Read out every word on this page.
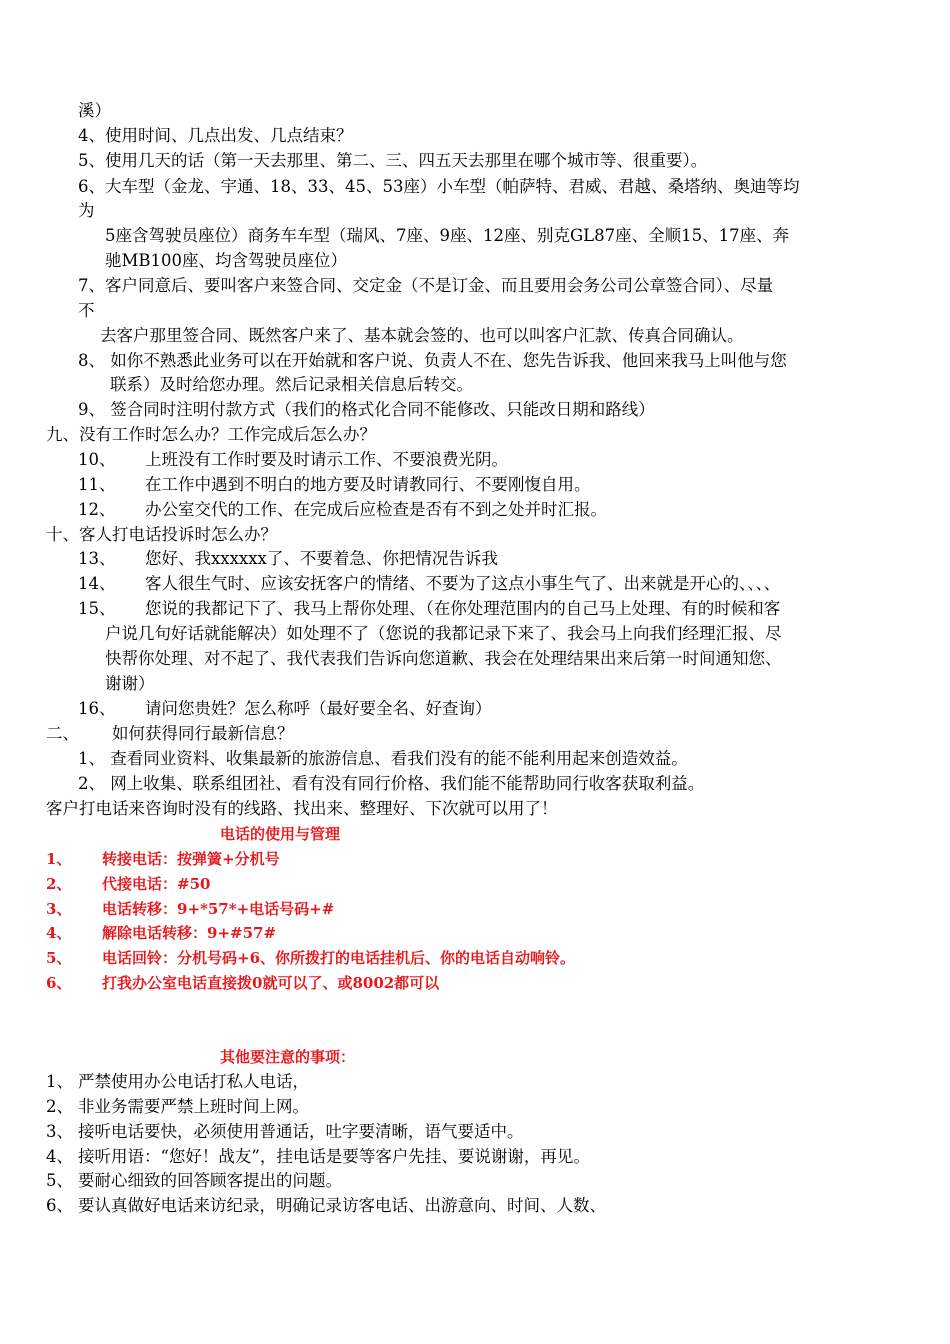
溪）
4、使用时间、几点出发、几点结束？
5、使用几天的话（第一天去那里、第二、三、四五天去那里在哪个城市等、很重要）。
6、大车型（金龙、宇通、18、33、45、53座）小车型（帕萨特、君威、君越、桑塔纳、奥迪等均
为
5座含驾驶员座位）商务车车型（瑞风、7座、9座、12座、别克GL87座、全顺15、17座、奔
驰MB100座、均含驾驶员座位）
7、客户同意后、要叫客户来签合同、交定金（不是订金、而且要用会务公司公章签合同）、尽量
不
去客户那里签合同、既然客户来了、基本就会签的、也可以叫客户汇款、传真合同确认。
8、 如你不熟悉此业务可以在开始就和客户说、负责人不在、您先告诉我、他回来我马上叫他与您
联系）及时给您办理。然后记录相关信息后转交。
9、 签合同时注明付款方式（我们的格式化合同不能修改、只能改日期和路线）
九、没有工作时怎么办？工作完成后怎么办？
10、 上班没有工作时要及时请示工作、不要浪费光阴。
11、 在工作中遇到不明白的地方要及时请教同行、不要刚愎自用。
12、 办公室交代的工作、在完成后应检查是否有不到之处并时汇报。
十、客人打电话投诉时怎么办？
13、 您好、我xxxxxx了、不要着急、你把情况告诉我
14、 客人很生气时、应该安抚客户的情绪、不要为了这点小事生气了、出来就是开心的、、、、
15、 您说的我都记下了、我马上帮你处理、（在你处理范围内的自己马上处理、有的时候和客
户说几句好话就能解决）如处理不了（您说的我都记录下来了、我会马上向我们经理汇报、尽
快帮你处理、对不起了、我代表我们告诉向您道歉、我会在处理结果出来后第一时间通知您、
谢谢）
16、 请问您贵姓？怎么称呼（最好要全名、好查询）
二、 如何获得同行最新信息？
1、 查看同业资料、收集最新的旅游信息、看我们没有的能不能利用起来创造效益。
2、 网上收集、联系组团社、看有没有同行价格、我们能不能帮助同行收客获取利益。
客户打电话来咨询时没有的线路、找出来、整理好、下次就可以用了！
电话的使用与管理
1、 转接电话：按弹簧+分机号
2、 代接电话：#50
3、 电话转移：9+*57*+电话号码+#
4、 解除电话转移：9+#57#
5、 电话回铃：分机号码+6、你所拨打的电话挂机后、你的电话自动响铃。
6、 打我办公室电话直接拨0就可以了、或8002都可以
其他要注意的事项：
1、 严禁使用办公电话打私人电话，
2、 非业务需要严禁上班时间上网。
3、 接听电话要快，必须使用普通话，吐字要清晰，语气要适中。
4、 接听用语：“您好！战友”，挂电话是要等客户先挂、要说谢谢，再见。
5、 要耐心细致的回答顾客提出的问题。
6、 要认真做好电话来访纪录，明确记录访客电话、出游意向、时间、人数、
